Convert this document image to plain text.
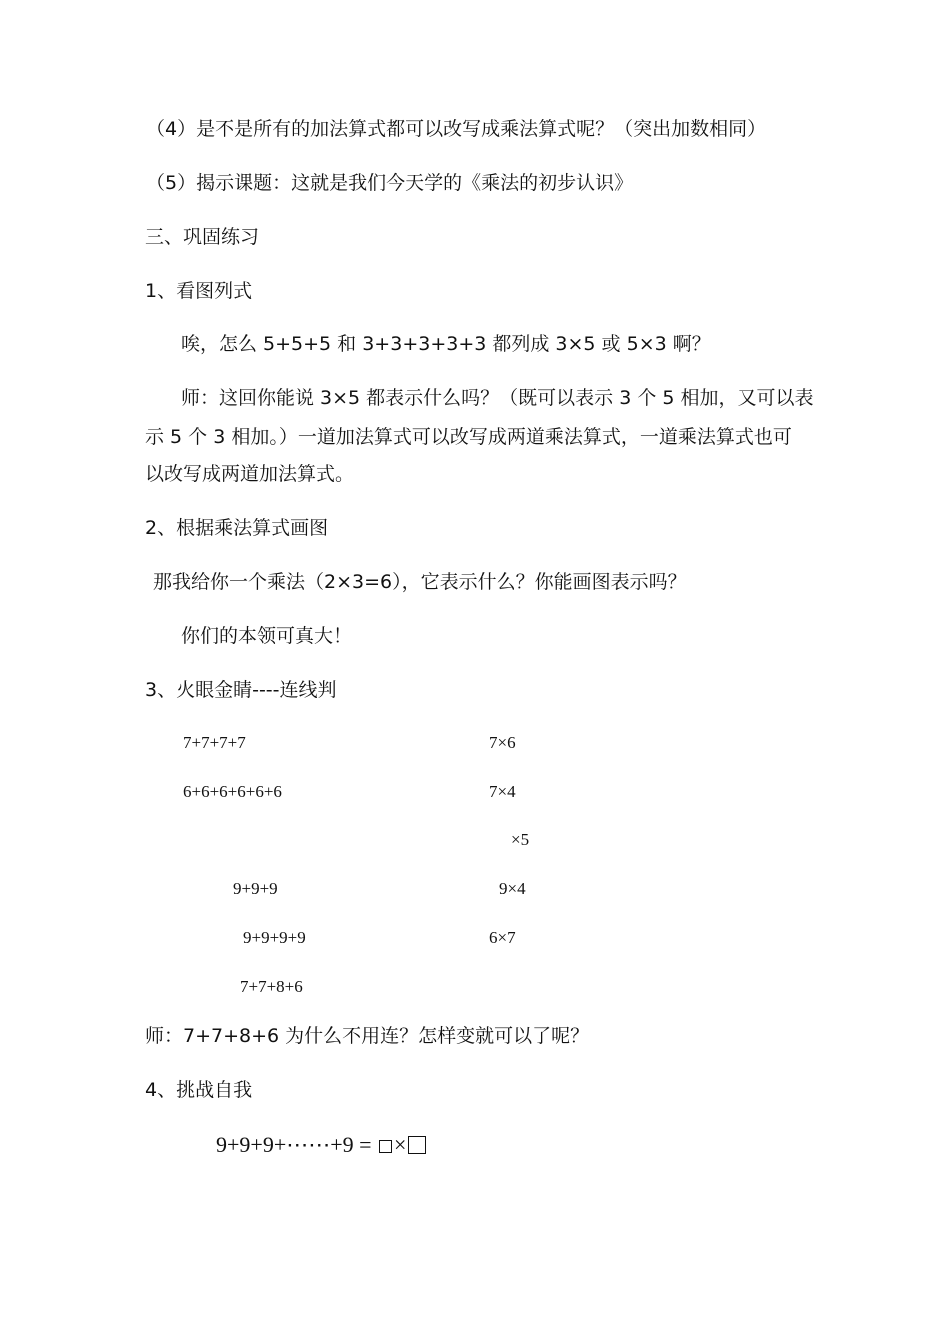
（4）是不是所有的加法算式都可以改写成乘法算式呢？（突出加数相同）
（5）揭示课题：这就是我们今天学的《乘法的初步认识》
三、巩固练习
1、看图列式
唉，怎么 5+5+5 和 3+3+3+3+3 都列成 3×5 或 5×3 啊？
师：这回你能说 3×5 都表示什么吗？（既可以表示 3 个 5 相加，又可以表
示 5 个 3 相加。）一道加法算式可以改写成两道乘法算式，一道乘法算式也可
以改写成两道加法算式。
2、根据乘法算式画图
那我给你一个乘法（2×3=6），它表示什么？你能画图表示吗？
你们的本领可真大！
3、火眼金睛----连线判
7+7+7+7
6+6+6+6+6+6
9+9+9
9+9+9+9
7+7+8+6
7×6
7×4
×5
9×4
6×7
师：7+7+8+6 为什么不用连？怎样变就可以了呢？
4、挑战自我
9+9+9+⋯⋯+9 = ×
